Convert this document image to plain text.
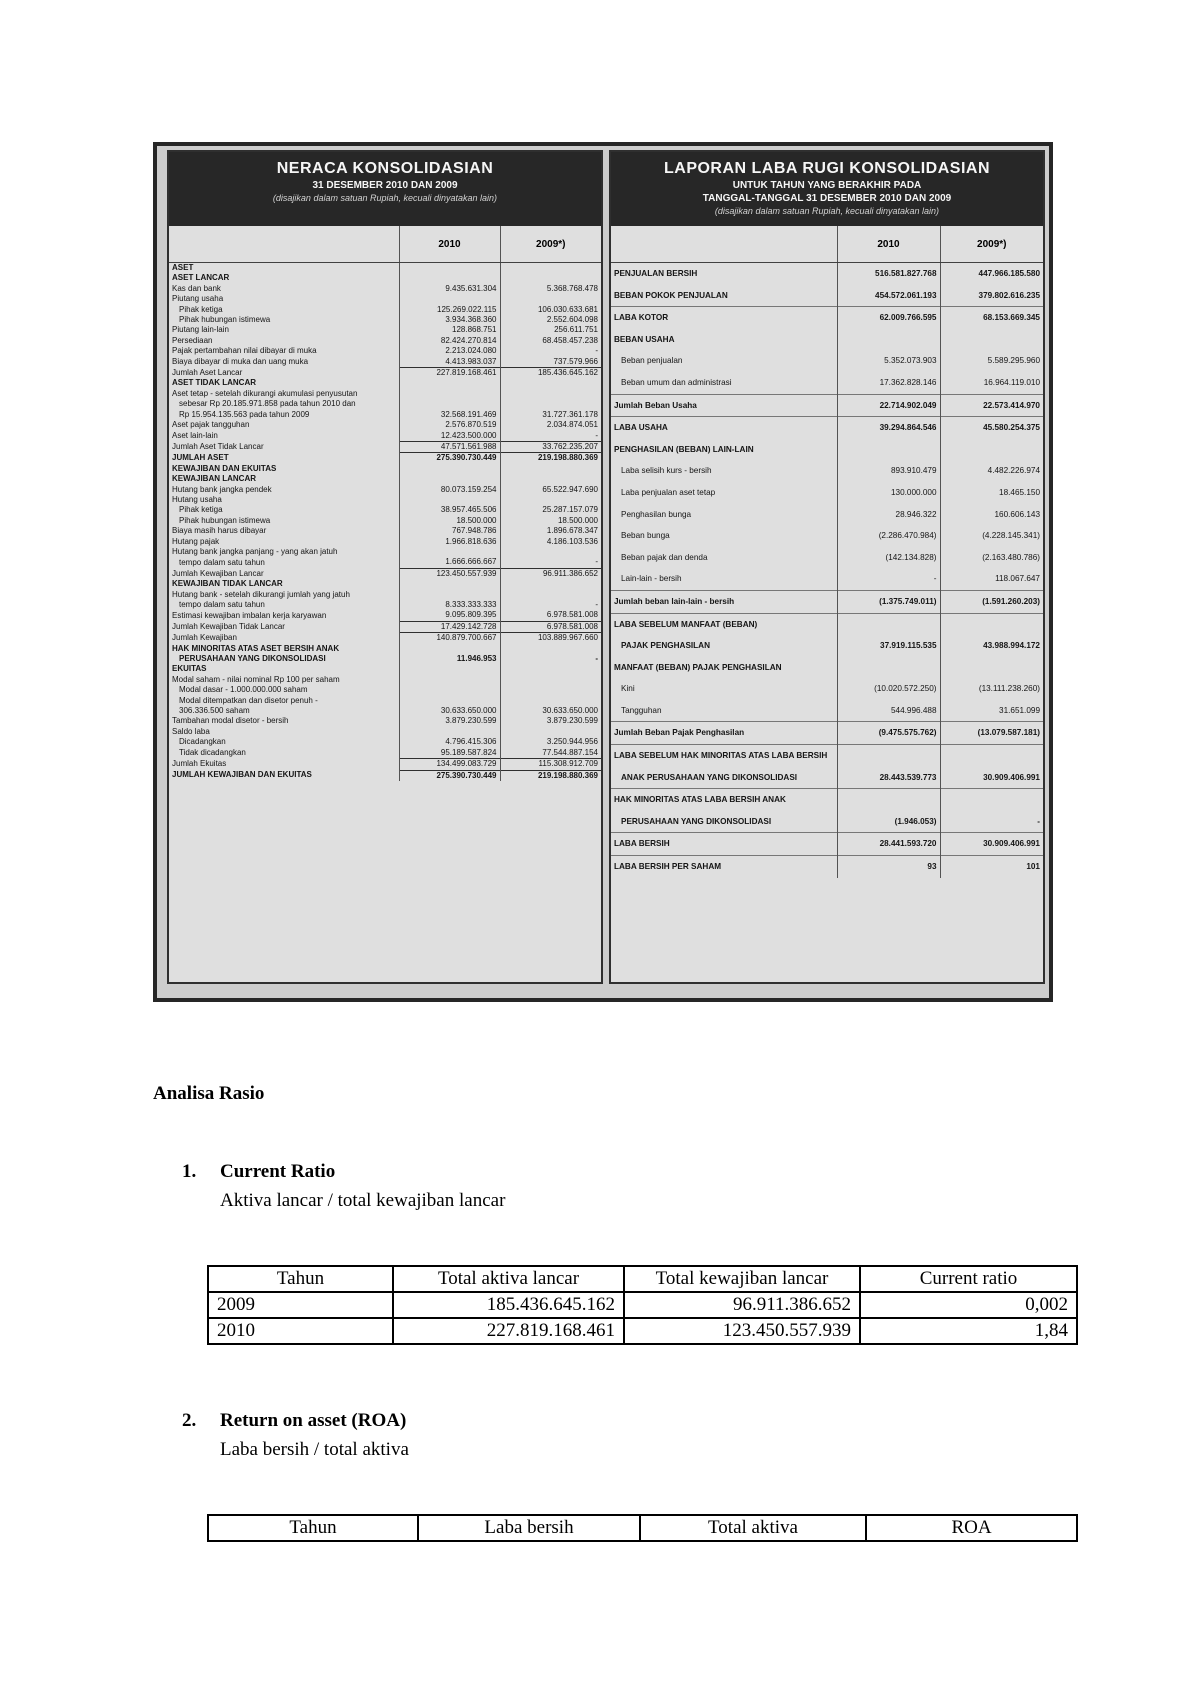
NERACA KONSOLIDASIAN
31 DESEMBER 2010 DAN 2009
(disajikan dalam satuan Rupiah, kecuali dinyatakan lain)
	2010	2009*)
ASET		
ASET LANCAR		
Kas dan bank	9.435.631.304	5.368.768.478
Piutang usaha		
Pihak ketiga	125.269.022.115	106.030.633.681
Pihak hubungan istimewa	3.934.368.360	2.552.604.098
Piutang lain-lain	128.868.751	256.611.751
Persediaan	82.424.270.814	68.458.457.238
Pajak pertambahan nilai dibayar di muka	2.213.024.080	-
Biaya dibayar di muka dan uang muka	4.413.983.037	737.579.966
Jumlah Aset Lancar	227.819.168.461	185.436.645.162
ASET TIDAK LANCAR		
Aset tetap - setelah dikurangi akumulasi penyusutan		
sebesar Rp 20.185.971.858 pada tahun 2010 dan		
Rp 15.954.135.563 pada tahun 2009	32.568.191.469	31.727.361.178
Aset pajak tangguhan	2.576.870.519	2.034.874.051
Aset lain-lain	12.423.500.000	-
Jumlah Aset Tidak Lancar	47.571.561.988	33.762.235.207
JUMLAH ASET	275.390.730.449	219.198.880.369
KEWAJIBAN DAN EKUITAS		
KEWAJIBAN LANCAR		
Hutang bank jangka pendek	80.073.159.254	65.522.947.690
Hutang usaha		
Pihak ketiga	38.957.465.506	25.287.157.079
Pihak hubungan istimewa	18.500.000	18.500.000
Biaya masih harus dibayar	767.948.786	1.896.678.347
Hutang pajak	1.966.818.636	4.186.103.536
Hutang bank jangka panjang - yang akan jatuh		
tempo dalam satu tahun	1.666.666.667	-
Jumlah Kewajiban Lancar	123.450.557.939	96.911.386.652
KEWAJIBAN TIDAK LANCAR		
Hutang bank - setelah dikurangi jumlah yang jatuh		
tempo dalam satu tahun	8.333.333.333	-
Estimasi kewajiban imbalan kerja karyawan	9.095.809.395	6.978.581.008
Jumlah Kewajiban Tidak Lancar	17.429.142.728	6.978.581.008
Jumlah Kewajiban	140.879.700.667	103.889.967.660
HAK MINORITAS ATAS ASET BERSIH ANAK		
PERUSAHAAN YANG DIKONSOLIDASI	11.946.953	-
EKUITAS		
Modal saham - nilai nominal Rp 100 per saham		
Modal dasar - 1.000.000.000 saham		
Modal ditempatkan dan disetor penuh -		
306.336.500 saham	30.633.650.000	30.633.650.000
Tambahan modal disetor - bersih	3.879.230.599	3.879.230.599
Saldo laba		
Dicadangkan	4.796.415.306	3.250.944.956
Tidak dicadangkan	95.189.587.824	77.544.887.154
Jumlah Ekuitas	134.499.083.729	115.308.912.709
JUMLAH KEWAJIBAN DAN EKUITAS	275.390.730.449	219.198.880.369
LAPORAN LABA RUGI KONSOLIDASIAN
UNTUK TAHUN YANG BERAKHIR PADA
TANGGAL-TANGGAL 31 DESEMBER 2010 DAN 2009
(disajikan dalam satuan Rupiah, kecuali dinyatakan lain)
	2010	2009*)
PENJUALAN BERSIH	516.581.827.768	447.966.185.580
BEBAN POKOK PENJUALAN	454.572.061.193	379.802.616.235
LABA KOTOR	62.009.766.595	68.153.669.345
BEBAN USAHA		
Beban penjualan	5.352.073.903	5.589.295.960
Beban umum dan administrasi	17.362.828.146	16.964.119.010
Jumlah Beban Usaha	22.714.902.049	22.573.414.970
LABA USAHA	39.294.864.546	45.580.254.375
PENGHASILAN (BEBAN) LAIN-LAIN		
Laba selisih kurs - bersih	893.910.479	4.482.226.974
Laba penjualan aset tetap	130.000.000	18.465.150
Penghasilan bunga	28.946.322	160.606.143
Beban bunga	(2.286.470.984)	(4.228.145.341)
Beban pajak dan denda	(142.134.828)	(2.163.480.786)
Lain-lain - bersih	-	118.067.647
Jumlah beban lain-lain - bersih	(1.375.749.011)	(1.591.260.203)
LABA SEBELUM MANFAAT (BEBAN)		
PAJAK PENGHASILAN	37.919.115.535	43.988.994.172
MANFAAT (BEBAN) PAJAK PENGHASILAN		
Kini	(10.020.572.250)	(13.111.238.260)
Tangguhan	544.996.488	31.651.099
Jumlah Beban Pajak Penghasilan	(9.475.575.762)	(13.079.587.181)
LABA SEBELUM HAK MINORITAS ATAS LABA BERSIH		
ANAK PERUSAHAAN YANG DIKONSOLIDASI	28.443.539.773	30.909.406.991
HAK MINORITAS ATAS LABA BERSIH ANAK		
PERUSAHAAN YANG DIKONSOLIDASI	(1.946.053)	-
LABA BERSIH	28.441.593.720	30.909.406.991
LABA BERSIH PER SAHAM	93	101
Analisa Rasio
1. Current Ratio
Aktiva lancar / total kewajiban lancar
Tahun	Total aktiva lancar	Total kewajiban lancar	Current ratio
2009	185.436.645.162	96.911.386.652	0,002
2010	227.819.168.461	123.450.557.939	1,84
2. Return on asset (ROA)
Laba bersih / total aktiva
Tahun	Laba bersih	Total aktiva	ROA
